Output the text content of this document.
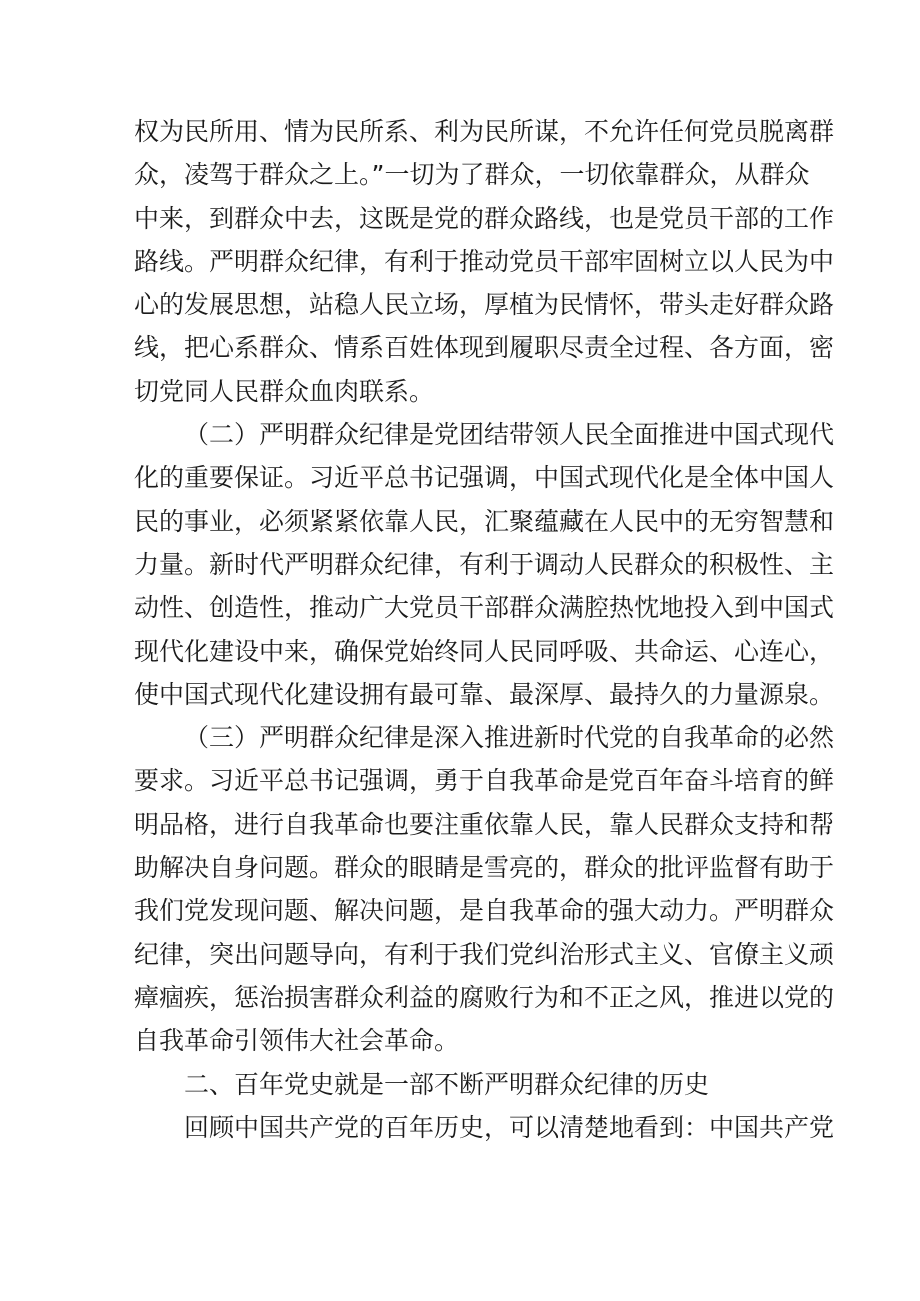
权为民所用、情为民所系、利为民所谋，不允许任何党员脱离群
众，凌驾于群众之上。”一切为了群众，一切依靠群众，从群众
中来，到群众中去，这既是党的群众路线，也是党员干部的工作
路线。严明群众纪律，有利于推动党员干部牢固树立以人民为中
心的发展思想，站稳人民立场，厚植为民情怀，带头走好群众路
线，把心系群众、情系百姓体现到履职尽责全过程、各方面，密
切党同人民群众血肉联系。
（二）严明群众纪律是党团结带领人民全面推进中国式现代
化的重要保证。习近平总书记强调，中国式现代化是全体中国人
民的事业，必须紧紧依靠人民，汇聚蕴藏在人民中的无穷智慧和
力量。新时代严明群众纪律，有利于调动人民群众的积极性、主
动性、创造性，推动广大党员干部群众满腔热忱地投入到中国式
现代化建设中来，确保党始终同人民同呼吸、共命运、心连心，
使中国式现代化建设拥有最可靠、最深厚、最持久的力量源泉。
（三）严明群众纪律是深入推进新时代党的自我革命的必然
要求。习近平总书记强调，勇于自我革命是党百年奋斗培育的鲜
明品格，进行自我革命也要注重依靠人民，靠人民群众支持和帮
助解决自身问题。群众的眼睛是雪亮的，群众的批评监督有助于
我们党发现问题、解决问题，是自我革命的强大动力。严明群众
纪律，突出问题导向，有利于我们党纠治形式主义、官僚主义顽
瘴痼疾，惩治损害群众利益的腐败行为和不正之风，推进以党的
自我革命引领伟大社会革命。
二、百年党史就是一部不断严明群众纪律的历史
回顾中国共产党的百年历史，可以清楚地看到：中国共产党
